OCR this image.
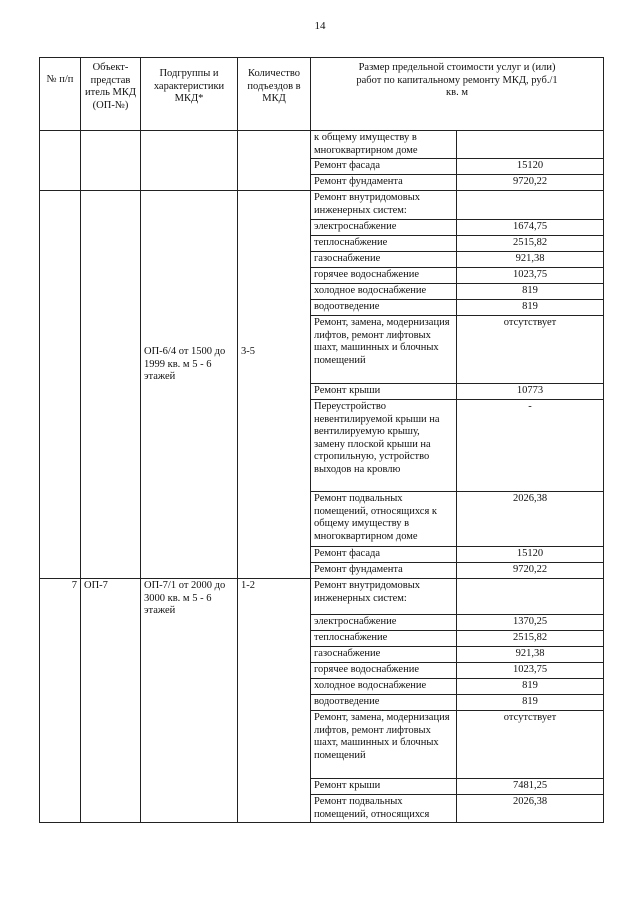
14
№ п/п	Объект-представ итель МКД (ОП-№)	Подгруппы и характеристики МКД*	Количество подъездов в МКД	Размер предельной стоимости услуг и (или) работ по капитальному ремонту МКД, руб./1 кв. м	
				к общему имуществу в многоквартирном доме	
				Ремонт фасада	15120
				Ремонт фундамента	9720,22
		ОП-6/4 от 1500 до 1999 кв. м 5 - 6 этажей	3-5	Ремонт внутридомовых инженерных систем:	
				электроснабжение	1674,75
				теплоснабжение	2515,82
				газоснабжение	921,38
				горячее водоснабжение	1023,75
				холодное водоснабжение	819
				водоотведение	819
				Ремонт, замена, модернизация лифтов, ремонт лифтовых шахт, машинных и блочных помещений	отсутствует
				Ремонт крыши	10773
				Переустройство невентилируемой крыши на вентилируемую крышу, замену плоской крыши на стропильную, устройство выходов на кровлю	-
				Ремонт подвальных помещений, относящихся к общему имуществу в многоквартирном доме	2026,38
				Ремонт фасада	15120
				Ремонт фундамента	9720,22
7	ОП-7	ОП-7/1 от 2000 до 3000 кв. м 5 - 6 этажей	1-2	Ремонт внутридомовых инженерных систем:	
				электроснабжение	1370,25
				теплоснабжение	2515,82
				газоснабжение	921,38
				горячее водоснабжение	1023,75
				холодное водоснабжение	819
				водоотведение	819
				Ремонт, замена, модернизация лифтов, ремонт лифтовых шахт, машинных и блочных помещений	отсутствует
				Ремонт крыши	7481,25
				Ремонт подвальных помещений, относящихся	2026,38
